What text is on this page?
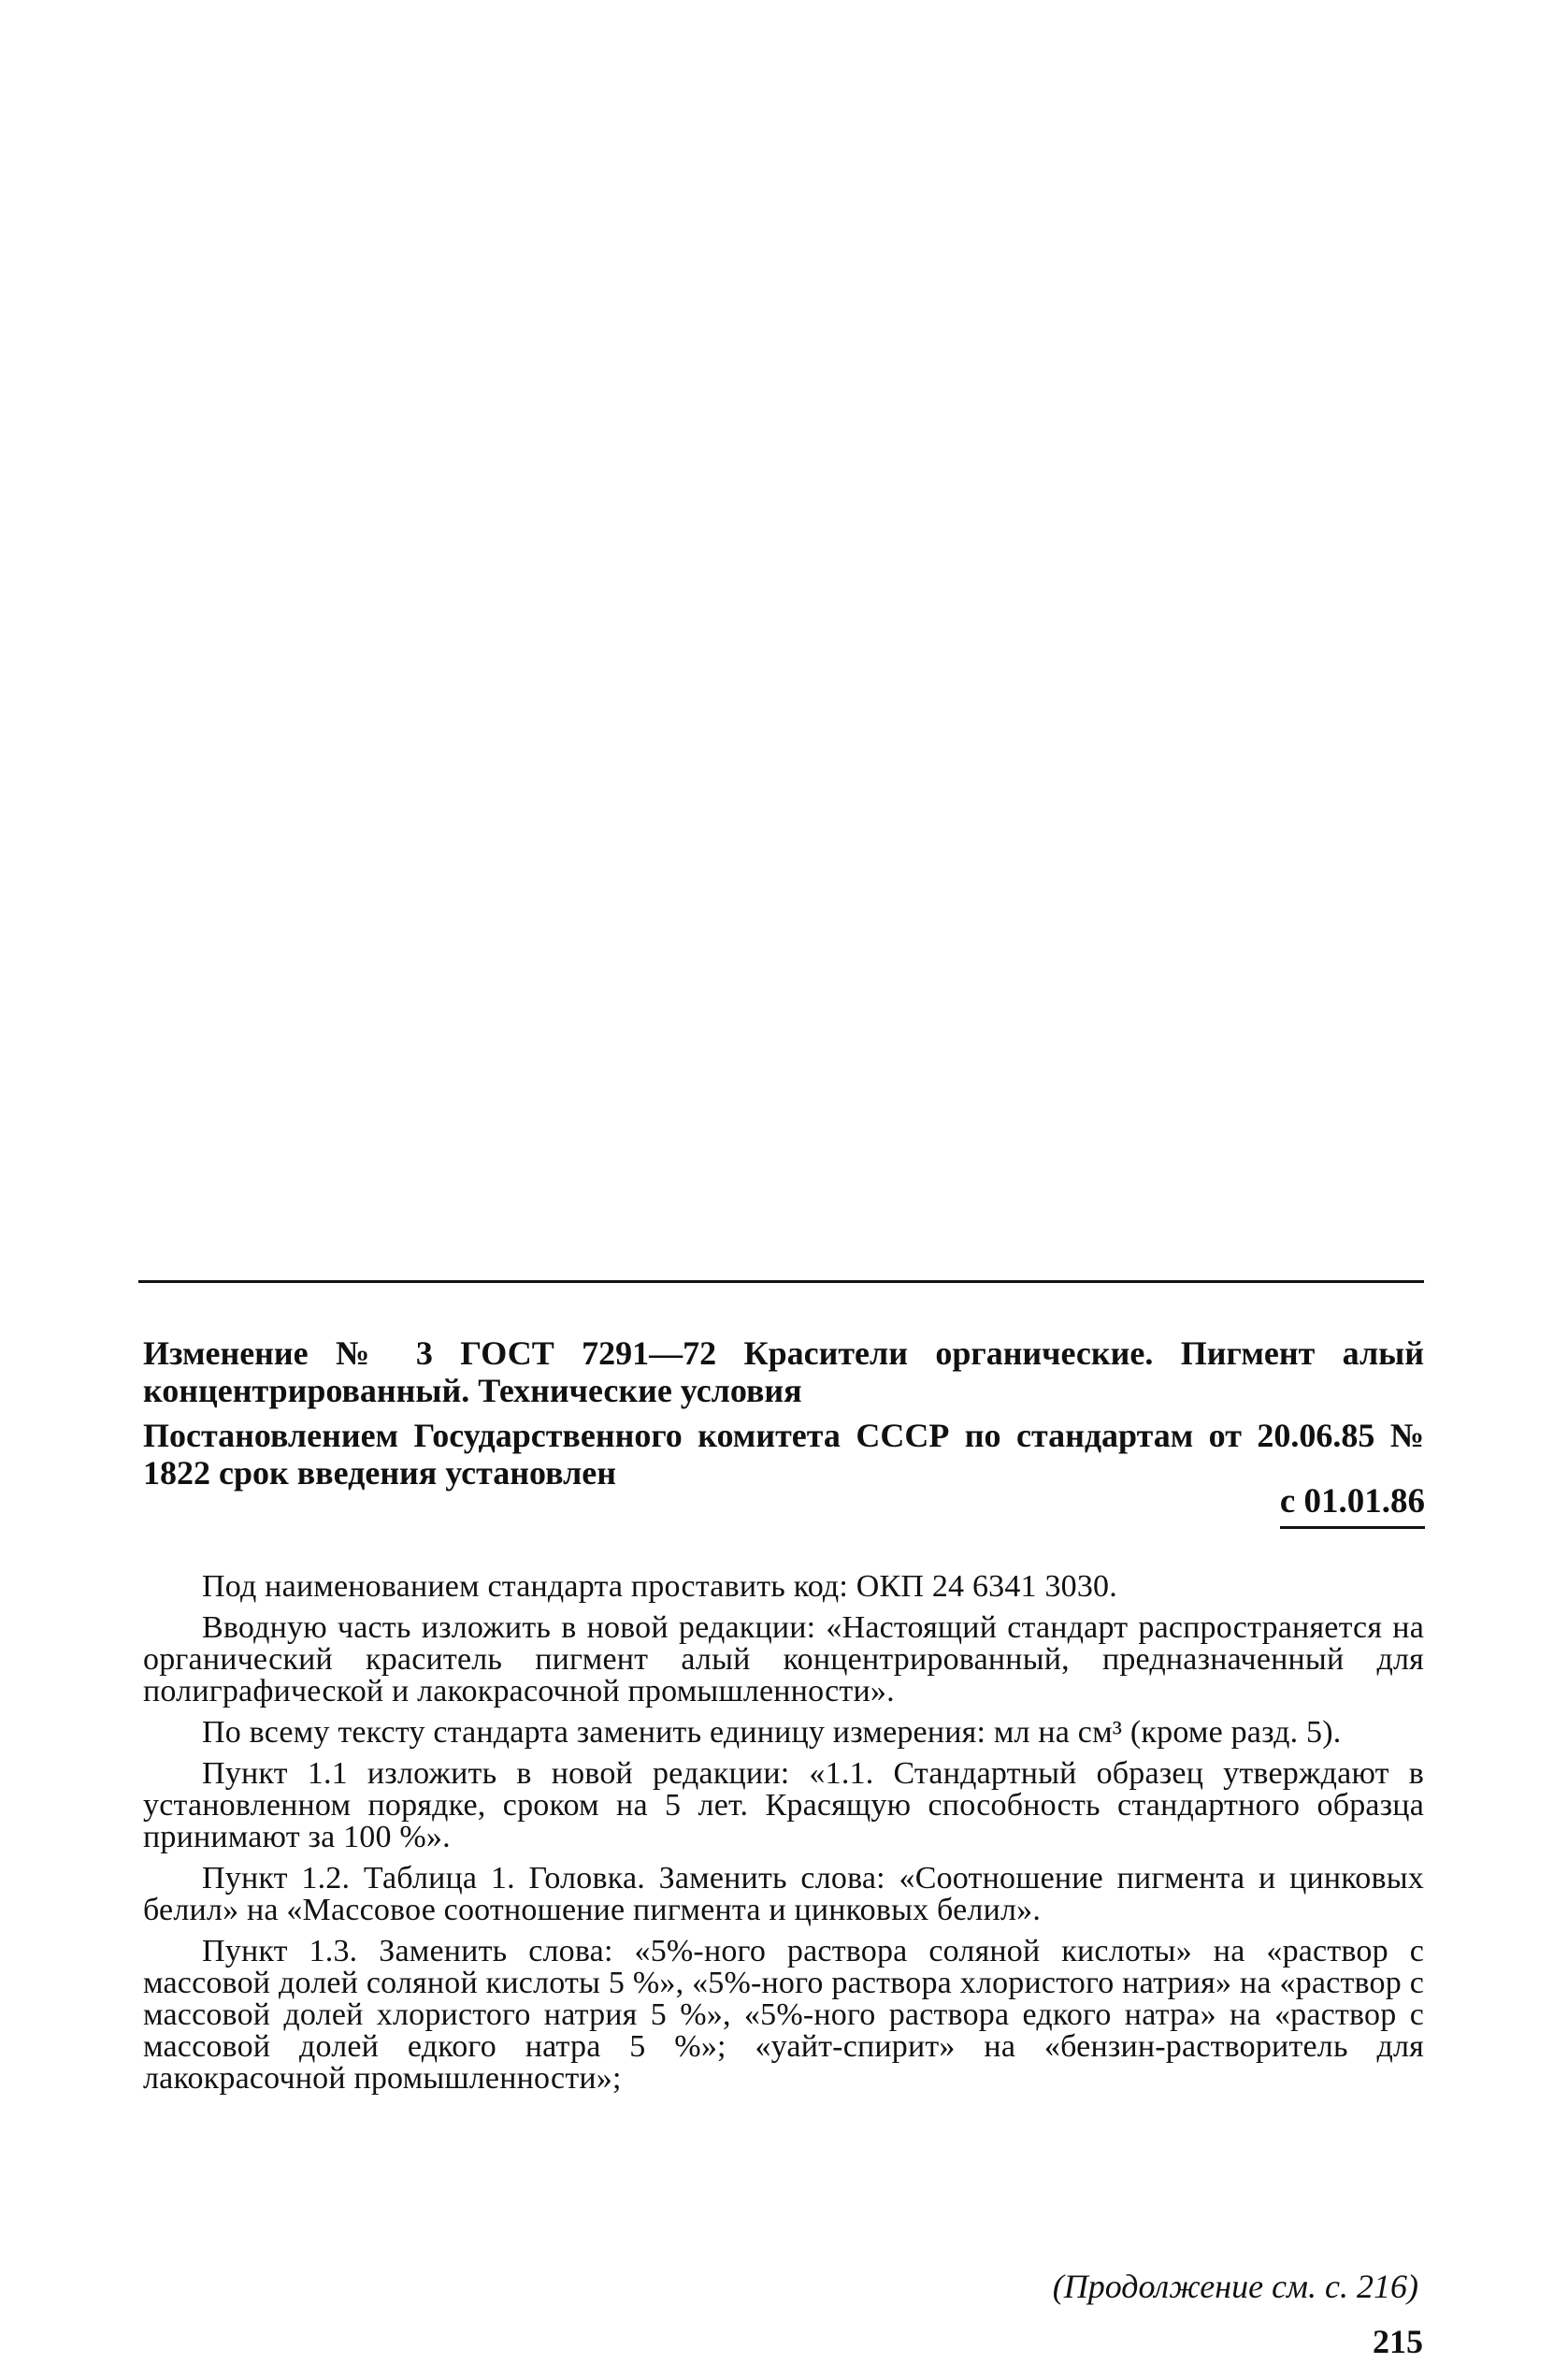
Изменение № 3 ГОСТ 7291—72 Красители органические. Пигмент алый концентрированный. Технические условия
Постановлением Государственного комитета СССР по стандартам от 20.06.85 № 1822 срок введения установлен
с 01.01.86

Под наименованием стандарта проставить код: ОКП 24 6341 3030.

Вводную часть изложить в новой редакции: «Настоящий стандарт распространяется на органический краситель пигмент алый концентрированный, предназначенный для полиграфической и лакокрасочной промышленности».

По всему тексту стандарта заменить единицу измерения: мл на см³ (кроме разд. 5).

Пункт 1.1 изложить в новой редакции: «1.1. Стандартный образец утверждают в установленном порядке, сроком на 5 лет. Красящую способность стандартного образца принимают за 100 %».

Пункт 1.2. Таблица 1. Головка. Заменить слова: «Соотношение пигмента и цинковых белил» на «Массовое соотношение пигмента и цинковых белил».

Пункт 1.3. Заменить слова: «5%-ного раствора соляной кислоты» на «раствор с массовой долей соляной кислоты 5 %», «5%-ного раствора хлористого натрия» на «раствор с массовой долей хлористого натрия 5 %», «5%-ного раствора едкого натра» на «раствор с массовой долей едкого натра 5 %»; «уайт-спирит» на «бензин-растворитель для лакокрасочной промышленности»;

(Продолжение см. с. 216)
215
